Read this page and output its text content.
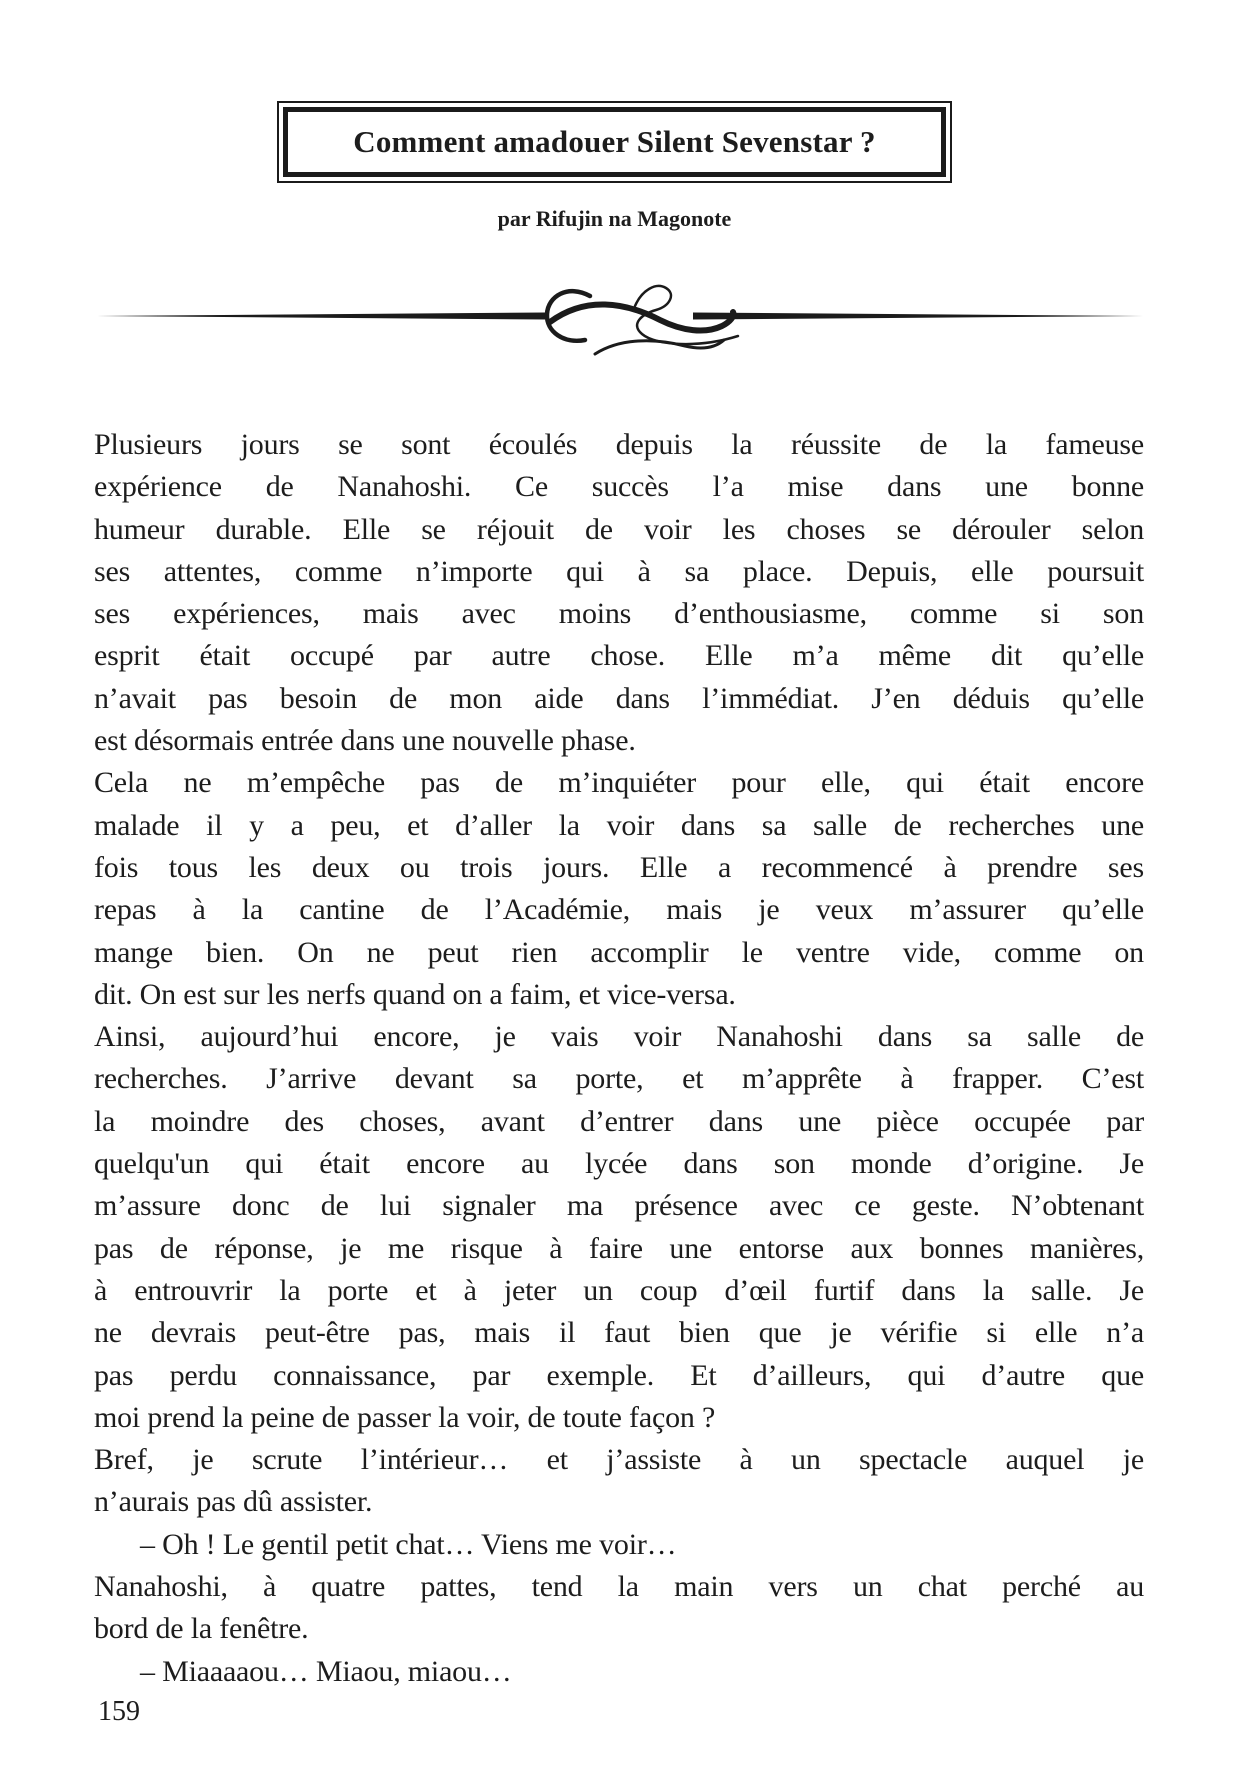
Comment amadouer Silent Sevenstar ?
par Rifujin na Magonote
Plusieurs jours se sont écoulés depuis la réussite de la fameuse
expérience de Nanahoshi. Ce succès l’a mise dans une bonne
humeur durable. Elle se réjouit de voir les choses se dérouler selon
ses attentes, comme n’importe qui à sa place. Depuis, elle poursuit
ses expériences, mais avec moins d’enthousiasme, comme si son
esprit était occupé par autre chose. Elle m’a même dit qu’elle
n’avait pas besoin de mon aide dans l’immédiat. J’en déduis qu’elle
est désormais entrée dans une nouvelle phase.
Cela ne m’empêche pas de m’inquiéter pour elle, qui était encore
malade il y a peu, et d’aller la voir dans sa salle de recherches une
fois tous les deux ou trois jours. Elle a recommencé à prendre ses
repas à la cantine de l’Académie, mais je veux m’assurer qu’elle
mange bien. On ne peut rien accomplir le ventre vide, comme on
dit. On est sur les nerfs quand on a faim, et vice-versa.
Ainsi, aujourd’hui encore, je vais voir Nanahoshi dans sa salle de
recherches. J’arrive devant sa porte, et m’apprête à frapper. C’est
la moindre des choses, avant d’entrer dans une pièce occupée par
quelqu'un qui était encore au lycée dans son monde d’origine. Je
m’assure donc de lui signaler ma présence avec ce geste. N’obtenant
pas de réponse, je me risque à faire une entorse aux bonnes manières,
à entrouvrir la porte et à jeter un coup d’œil furtif dans la salle. Je
ne devrais peut-être pas, mais il faut bien que je vérifie si elle n’a
pas perdu connaissance, par exemple. Et d’ailleurs, qui d’autre que
moi prend la peine de passer la voir, de toute façon ?
Bref, je scrute l’intérieur… et j’assiste à un spectacle auquel je
n’aurais pas dû assister.
– Oh ! Le gentil petit chat… Viens me voir…
Nanahoshi, à quatre pattes, tend la main vers un chat perché au
bord de la fenêtre.
– Miaaaaou… Miaou, miaou…
159
